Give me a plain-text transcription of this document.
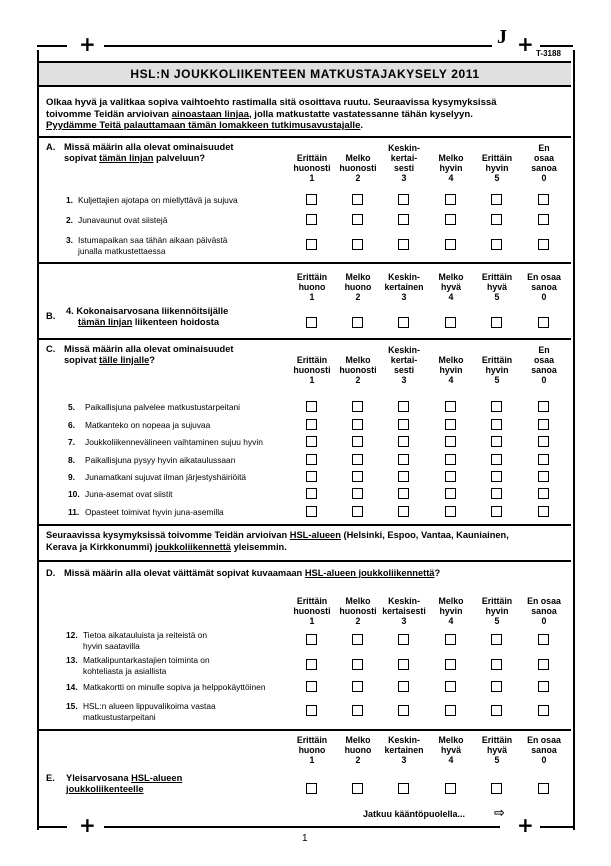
+	+
+	+
J
T-3188
HSL:N JOUKKOLIIKENTEEN MATKUSTAJAKYSELY 2011
Olkaa hyvä ja valitkaa sopiva vaihtoehto rastimalla sitä osoittava ruutu. Seuraavissa kysymyksissä
toivomme Teidän arvioivan ainoastaan linjaa, jolla matkustatte vastatessanne tähän kyselyyn.
Pyydämme Teitä palauttamaan tämän lomakkeen tutkimusavustajalle.
A. Missä määrin alla olevat ominaisuudet
sopivat tämän linjan palveluun?
B. 4. Kokonaisarvosana liikennöitsijälle
tämän linjan liikenteen hoidosta
C. Missä määrin alla olevat ominaisuudet
sopivat tälle linjalle?
Seuraavissa kysymyksissä toivomme Teidän arvioivan HSL-alueen (Helsinki, Espoo, Vantaa, Kauniainen,
Kerava ja Kirkkonummi) joukkoliikennettä yleisemmin.
D. Missä määrin alla olevat väittämät sopivat kuvaamaan HSL-alueen joukkoliikennettä?
E. Yleisarvosana HSL-alueen
joukkoliikenteelle
Jatkuu kääntöpuolella... ⇨
1

Erittäin
huonosti
1

Melko
huonosti
2
Keskin-
kertai-
sesti
3

Melko
hyvin
4

Erittäin
hyvin
5
En
osaa
sanoa
0
Erittäin
huono
1
Melko
huono
2
Keskin-
kertainen
3
Melko
hyvä
4
Erittäin
hyvä
5
En osaa
sanoa
0

Erittäin
huonosti
1

Melko
huonosti
2
Keskin-
kertai-
sesti
3

Melko
hyvin
4

Erittäin
hyvin
5
En
osaa
sanoa
0
Erittäin
huonosti
1
Melko
huonosti
2
Keskin-
kertaisesti
3
Melko
hyvin
4
Erittäin
hyvin
5
En osaa
sanoa
0
Erittäin
huono
1
Melko
huono
2
Keskin-
kertainen
3
Melko
hyvä
4
Erittäin
hyvä
5
En osaa
sanoa
0
1. Kuljettajien ajotapa on miellyttävä ja sujuva
2. Junavaunut ovat siistejä
3. Istumapaikan saa tähän aikaan päivästä
junalla matkustettaessa
5. Paikallisjuna palvelee matkustustarpeitani
6. Matkanteko on nopeaa ja sujuvaa
7. Joukkoliikennevälineen vaihtaminen sujuu hyvin
8. Paikallisjuna pysyy hyvin aikataulussaan
9. Junamatkani sujuvat ilman järjestyshäiriöitä
10. Juna-asemat ovat siistit
11. Opasteet toimivat hyvin juna-asemilla
12. Tietoa aikatauluista ja reiteistä on
hyvin saatavilla
13. Matkalipuntarkastajien toiminta on
kohteliasta ja asiallista
14. Matkakortti on minulle sopiva ja helppokäyttöinen
15. HSL:n alueen lippuvalikoima vastaa
matkustustarpeitani
